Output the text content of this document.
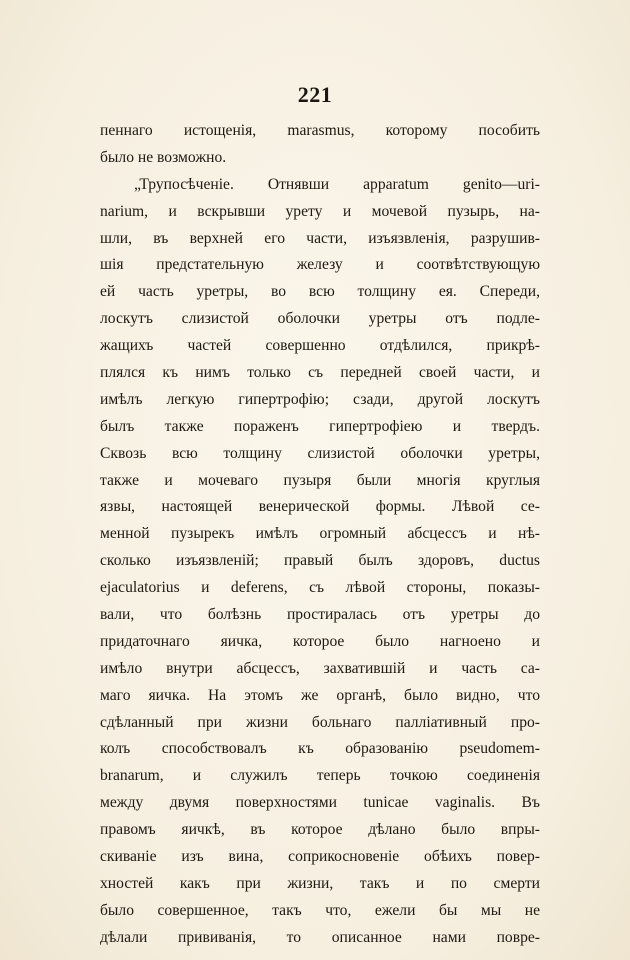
221
пеннаго истощенія, marasmus, которому пособить
было не возможно.
„Трупосѣченіе. Отнявши apparatum genito—uri-
narium, и вскрывши урету и мочевой пузырь, на-
шли, въ верхней его части, изъязвленія, разрушив-
шія предстательную железу и соотвѣтствующую
ей часть урeтры, во всю толщину ея. Спереди,
лоскутъ слизистой оболочки урeтры отъ подле-
жащихъ частей совершенно отдѣлился, прикрѣ-
плялся къ нимъ только съ передней своей части, и
имѣлъ легкую гипертрофію; сзади, другой лоскутъ
былъ также пораженъ гипертрофіею и твердъ.
Сквозь всю толщину слизистой оболочки урeтры,
также и мочеваго пузыря были многія круглыя
язвы, настоящей венерической формы. Лѣвой се-
менной пузырекъ имѣлъ огромный абсцессъ и нѣ-
сколько изъязвленій; правый былъ здоровъ, ductus
ejaculatorius и deferens, съ лѣвой стороны, показы-
вали, что болѣзнь простиралась отъ урeтры до
придаточнаго яичка, которое было нагноено и
имѣло внутри абсцессъ, захватившій и часть са-
маго яичка. На этомъ же органѣ, было видно, что
сдѣланный при жизни больнаго палліативный про-
колъ способствовалъ къ образованію pseudomem-
branarum, и служилъ теперь точкою соединенія
между двумя поверхностями tunicae vaginalis. Въ
правомъ яичкѣ, въ которое дѣлано было впры-
скиваніе изъ вина, соприкосновеніе обѣихъ повер-
хностей какъ при жизни, такъ и по смерти
было совершенное, такъ что, ежели бы мы не
дѣлали прививанія, то описанное нами повре-
